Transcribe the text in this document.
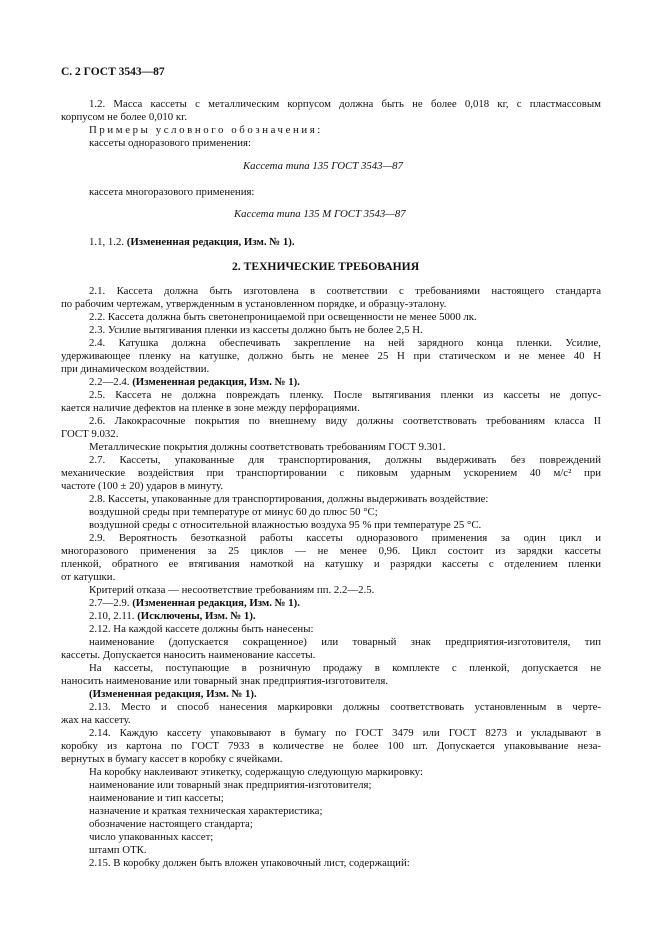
С. 2 ГОСТ 3543—87
1.2. Масса кассеты с металлическим корпусом должна быть не более 0,018 кг, с пластмассовым
корпусом не более 0,010 кг.
Примеры условного обозначения:
кассеты одноразового применения:
Кассета типа 135 ГОСТ 3543—87
кассета многоразового применения:
Кассета типа 135 М ГОСТ 3543—87
1.1, 1.2. (Измененная редакция, Изм. № 1).
2. ТЕХНИЧЕСКИЕ ТРЕБОВАНИЯ
2.1. Кассета должна быть изготовлена в соответствии с требованиями настоящего стандарта
по рабочим чертежам, утвержденным в установленном порядке, и образцу-эталону.
2.2. Кассета должна быть светонепроницаемой при освещенности не менее 5000 лк.
2.3. Усилие вытягивания пленки из кассеты должно быть не более 2,5 Н.
2.4. Катушка должна обеспечивать закрепление на ней зарядного конца пленки. Усилие,
удерживающее пленку на катушке, должно быть не менее 25 Н при статическом и не менее 40 Н
при динамическом воздействии.
2.2—2.4. (Измененная редакция, Изм. № 1).
2.5. Кассета не должна повреждать пленку. После вытягивания пленки из кассеты не допус-
кается наличие дефектов на пленке в зоне между перфорациями.
2.6. Лакокрасочные покрытия по внешнему виду должны соответствовать требованиям класса II
ГОСТ 9.032.
Металлические покрытия должны соответствовать требованиям ГОСТ 9.301.
2.7. Кассеты, упакованные для транспортирования, должны выдерживать без повреждений
механические воздействия при транспортировании с пиковым ударным ускорением 40 м/с² при
частоте (100 ± 20) ударов в минуту.
2.8. Кассеты, упакованные для транспортирования, должны выдерживать воздействие:
воздушной среды при температуре от минус 60 до плюс 50 °С;
воздушной среды с относительной влажностью воздуха 95 % при температуре 25 °С.
2.9. Вероятность безотказной работы кассеты одноразового применения за один цикл и
многоразового применения за 25 циклов — не менее 0,96. Цикл состоит из зарядки кассеты
пленкой, обратного ее втягивания намоткой на катушку и разрядки кассеты с отделением пленки
от катушки.
Критерий отказа — несоответствие требованиям пп. 2.2—2.5.
2.7—2.9. (Измененная редакция, Изм. № 1).
2.10, 2.11. (Исключены, Изм. № 1).
2.12. На каждой кассете должны быть нанесены:
наименование (допускается сокращенное) или товарный знак предприятия-изготовителя, тип
кассеты. Допускается наносить наименование кассеты.
На кассеты, поступающие в розничную продажу в комплекте с пленкой, допускается не
наносить наименование или товарный знак предприятия-изготовителя.
(Измененная редакция, Изм. № 1).
2.13. Место и способ нанесения маркировки должны соответствовать установленным в черте-
жах на кассету.
2.14. Каждую кассету упаковывают в бумагу по ГОСТ 3479 или ГОСТ 8273 и укладывают в
коробку из картона по ГОСТ 7933 в количестве не более 100 шт. Допускается упаковывание неза-
вернутых в бумагу кассет в коробку с ячейками.
На коробку наклеивают этикетку, содержащую следующую маркировку:
наименование или товарный знак предприятия-изготовителя;
наименование и тип кассеты;
назначение и краткая техническая характеристика;
обозначение настоящего стандарта;
число упакованных кассет;
штамп ОТК.
2.15. В коробку должен быть вложен упаковочный лист, содержащий:
